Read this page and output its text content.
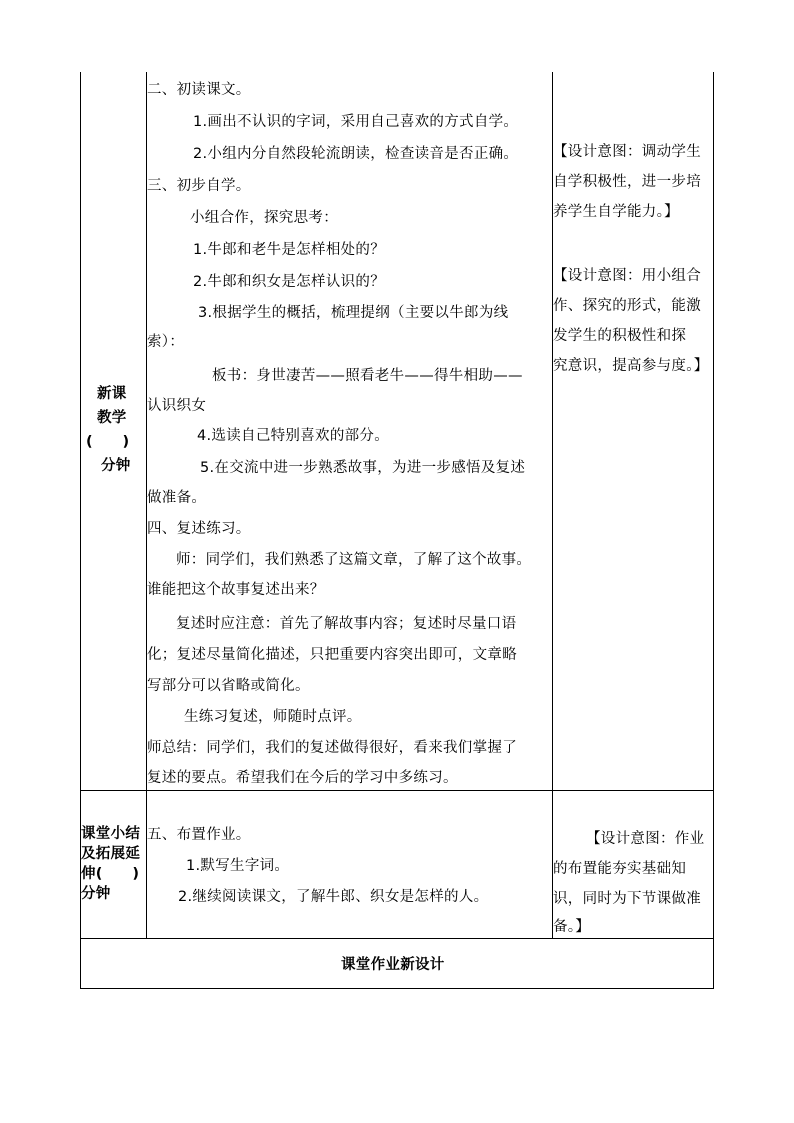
新课
教学
(　　)
分钟
二、初读课文。
1.画出不认识的字词，采用自己喜欢的方式自学。
2.小组内分自然段轮流朗读，检查读音是否正确。
三、初步自学。
小组合作，探究思考：
1.牛郎和老牛是怎样相处的？
2.牛郎和织女是怎样认识的？
3.根据学生的概括，梳理提纲（主要以牛郎为线
索）：
板书：身世凄苦——照看老牛——得牛相助——
认识织女
4.选读自己特别喜欢的部分。
5.在交流中进一步熟悉故事，为进一步感悟及复述
做准备。
四、复述练习。
师：同学们，我们熟悉了这篇文章，了解了这个故事。
谁能把这个故事复述出来？
复述时应注意：首先了解故事内容；复述时尽量口语
化；复述尽量简化描述，只把重要内容突出即可，文章略
写部分可以省略或简化。
生练习复述，师随时点评。
师总结：同学们，我们的复述做得很好，看来我们掌握了
复述的要点。希望我们在今后的学习中多练习。
【设计意图：调动学生
自学积极性，进一步培
养学生自学能力。】
【设计意图：用小组合
作、探究的形式，能激
发学生的积极性和探
究意识，提高参与度。】
课堂小结
及拓展延
伸(　　)
分钟
五、布置作业。
1.默写生字词。
2.继续阅读课文，了解牛郎、织女是怎样的人。
【设计意图：作业
的布置能夯实基础知
识，同时为下节课做准
备。】
课堂作业新设计
